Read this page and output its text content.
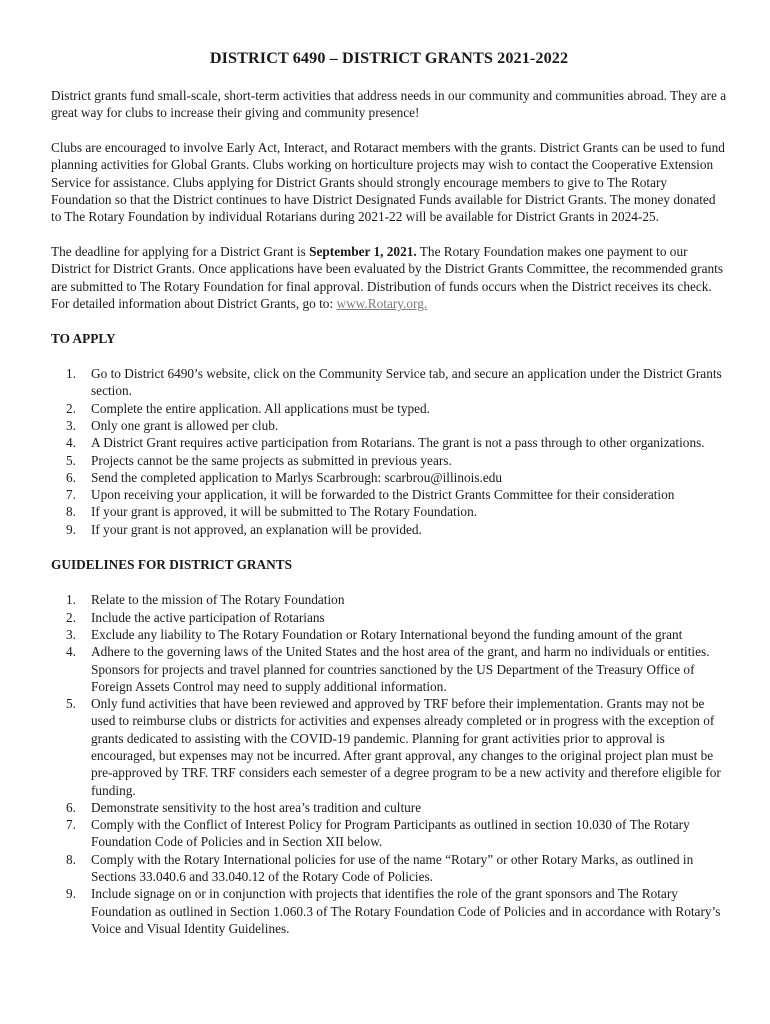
DISTRICT 6490 – DISTRICT GRANTS 2021-2022

District grants fund small-scale, short-term activities that address needs in our community and communities abroad. They are a great way for clubs to increase their giving and community presence!

Clubs are encouraged to involve Early Act, Interact, and Rotaract members with the grants. District Grants can be used to fund planning activities for Global Grants. Clubs working on horticulture projects may wish to contact the Cooperative Extension Service for assistance. Clubs applying for District Grants should strongly encourage members to give to The Rotary Foundation so that the District continues to have District Designated Funds available for District Grants. The money donated to The Rotary Foundation by individual Rotarians during 2021-22 will be available for District Grants in 2024-25.

The deadline for applying for a District Grant is September 1, 2021. The Rotary Foundation makes one payment to our District for District Grants. Once applications have been evaluated by the District Grants Committee, the recommended grants are submitted to The Rotary Foundation for final approval. Distribution of funds occurs when the District receives its check. For detailed information about District Grants, go to: www.Rotary.org.

TO APPLY
1. Go to District 6490’s website, click on the Community Service tab, and secure an application under the District Grants section.
2. Complete the entire application. All applications must be typed.
3. Only one grant is allowed per club.
4. A District Grant requires active participation from Rotarians. The grant is not a pass through to other organizations.
5. Projects cannot be the same projects as submitted in previous years.
6. Send the completed application to Marlys Scarbrough: scarbrou@illinois.edu
7. Upon receiving your application, it will be forwarded to the District Grants Committee for their consideration
8. If your grant is approved, it will be submitted to The Rotary Foundation.
9. If your grant is not approved, an explanation will be provided.
GUIDELINES FOR DISTRICT GRANTS
1. Relate to the mission of The Rotary Foundation
2. Include the active participation of Rotarians
3. Exclude any liability to The Rotary Foundation or Rotary International beyond the funding amount of the grant
4. Adhere to the governing laws of the United States and the host area of the grant, and harm no individuals or entities. Sponsors for projects and travel planned for countries sanctioned by the US Department of the Treasury Office of Foreign Assets Control may need to supply additional information.
5. Only fund activities that have been reviewed and approved by TRF before their implementation. Grants may not be used to reimburse clubs or districts for activities and expenses already completed or in progress with the exception of grants dedicated to assisting with the COVID-19 pandemic. Planning for grant activities prior to approval is encouraged, but expenses may not be incurred. After grant approval, any changes to the original project plan must be pre-approved by TRF. TRF considers each semester of a degree program to be a new activity and therefore eligible for funding.
6. Demonstrate sensitivity to the host area’s tradition and culture
7. Comply with the Conflict of Interest Policy for Program Participants as outlined in section 10.030 of The Rotary Foundation Code of Policies and in Section XII below.
8. Comply with the Rotary International policies for use of the name “Rotary” or other Rotary Marks, as outlined in Sections 33.040.6 and 33.040.12 of the Rotary Code of Policies.
9. Include signage on or in conjunction with projects that identifies the role of the grant sponsors and The Rotary Foundation as outlined in Section 1.060.3 of The Rotary Foundation Code of Policies and in accordance with Rotary’s Voice and Visual Identity Guidelines.
